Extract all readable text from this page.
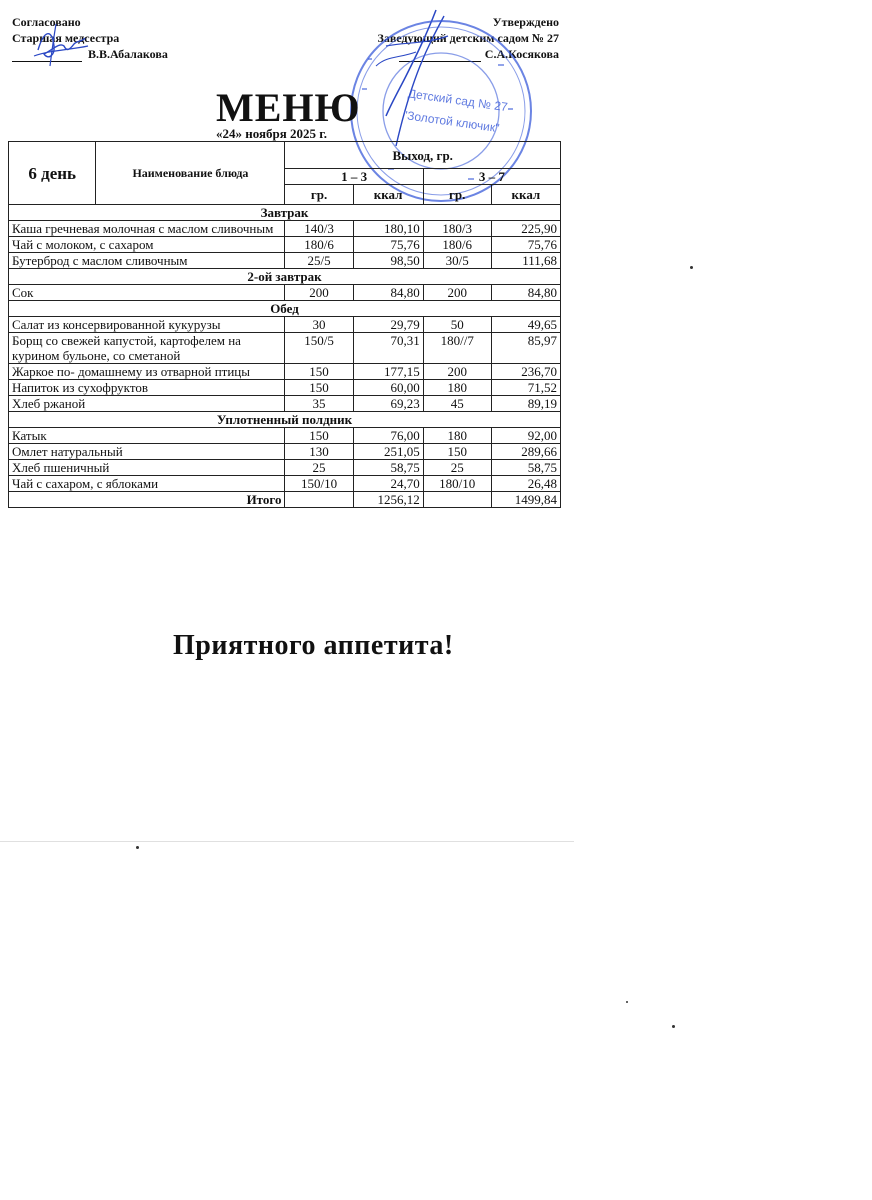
Согласовано
Старшая медсестра
В.В.Абалакова
Утверждено
Заведующий детским садом № 27
С.А.Косякова
Детский сад № 27
"Золотой ключик"
МЕНЮ
«24» ноября 2025 г.
6 день	Наименование блюда	Выход, гр.			
		1 – 3		3 – 7	
		гр.	ккал	гр.	ккал
Завтрак					
Каша гречневая молочная с маслом сливочным		140/3	180,10	180/3	225,90
Чай с молоком, с сахаром		180/6	75,76	180/6	75,76
Бутерброд с маслом сливочным		25/5	98,50	30/5	111,68
2-ой завтрак					
Сок		200	84,80	200	84,80
Обед					
Салат из консервированной кукурузы		30	29,79	50	49,65
Борщ со свежей капустой, картофелем на курином бульоне, со сметаной		150/5	70,31	180//7	85,97
Жаркое по- домашнему из отварной птицы		150	177,15	200	236,70
Напиток из сухофруктов		150	60,00	180	71,52
Хлеб ржаной		35	69,23	45	89,19
Уплотненный полдник					
Катык		150	76,00	180	92,00
Омлет натуральный		130	251,05	150	289,66
Хлеб пшеничный		25	58,75	25	58,75
Чай с сахаром, с яблоками		150/10	24,70	180/10	26,48
Итого			1256,12		1499,84
Приятного аппетита!
